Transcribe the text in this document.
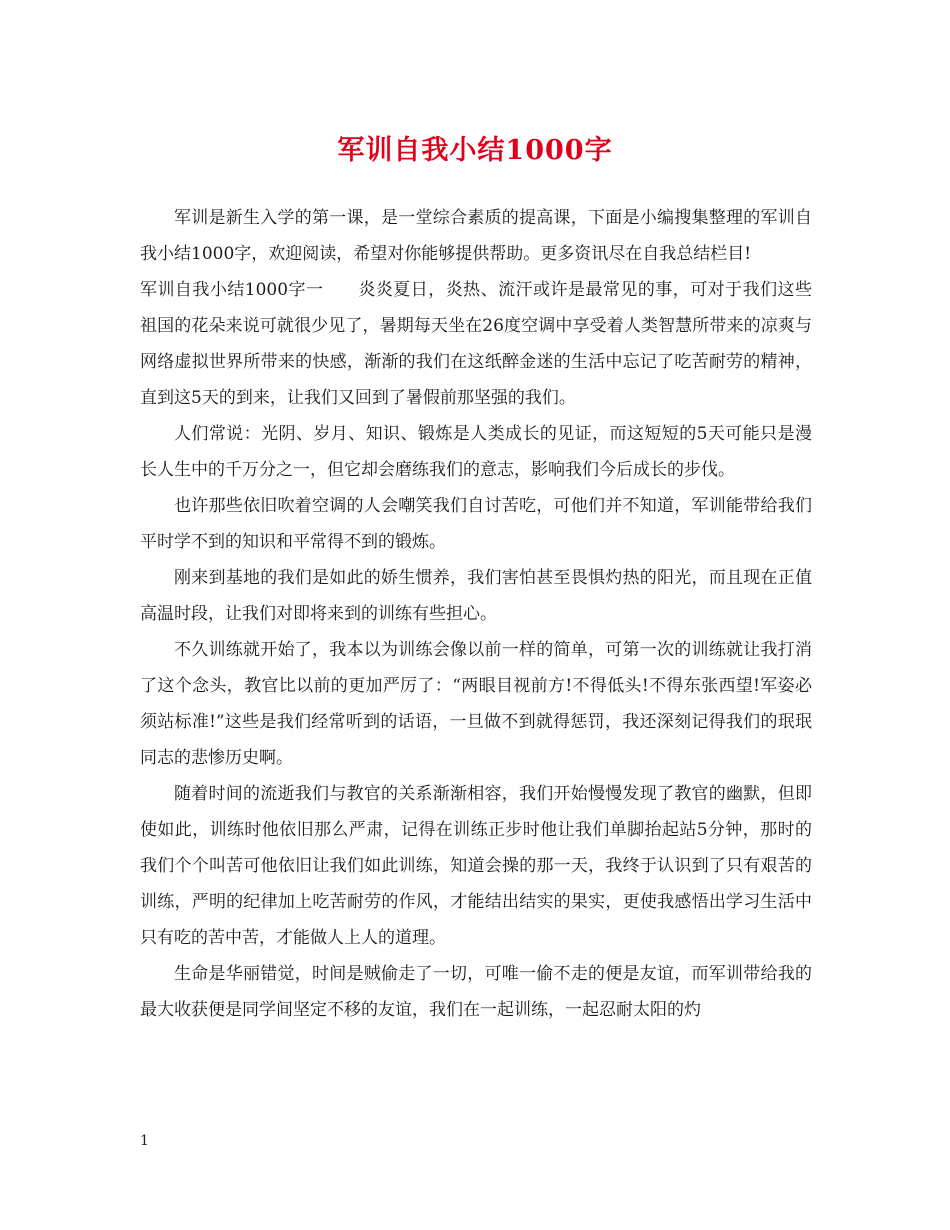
军训自我小结1000字

军训是新生入学的第一课，是一堂综合素质的提高课，下面是小编搜集整理的军训自我小结1000字，欢迎阅读，希望对你能够提供帮助。更多资讯尽在自我总结栏目!

军训自我小结1000字一　　炎炎夏日，炎热、流汗或许是最常见的事，可对于我们这些祖国的花朵来说可就很少见了，暑期每天坐在26度空调中享受着人类智慧所带来的凉爽与网络虚拟世界所带来的快感，渐渐的我们在这纸醉金迷的生活中忘记了吃苦耐劳的精神，直到这5天的到来，让我们又回到了暑假前那坚强的我们。

人们常说：光阴、岁月、知识、锻炼是人类成长的见证，而这短短的5天可能只是漫长人生中的千万分之一，但它却会磨练我们的意志，影响我们今后成长的步伐。

也许那些依旧吹着空调的人会嘲笑我们自讨苦吃，可他们并不知道，军训能带给我们平时学不到的知识和平常得不到的锻炼。

刚来到基地的我们是如此的娇生惯养，我们害怕甚至畏惧灼热的阳光，而且现在正值高温时段，让我们对即将来到的训练有些担心。

不久训练就开始了，我本以为训练会像以前一样的简单，可第一次的训练就让我打消了这个念头，教官比以前的更加严厉了：“两眼目视前方!不得低头!不得东张西望!军姿必须站标准!”这些是我们经常听到的话语，一旦做不到就得惩罚，我还深刻记得我们的珉珉同志的悲惨历史啊。

随着时间的流逝我们与教官的关系渐渐相容，我们开始慢慢发现了教官的幽默，但即使如此，训练时他依旧那么严肃，记得在训练正步时他让我们单脚抬起站5分钟，那时的我们个个叫苦可他依旧让我们如此训练，知道会操的那一天，我终于认识到了只有艰苦的训练，严明的纪律加上吃苦耐劳的作风，才能结出结实的果实，更使我感悟出学习生活中只有吃的苦中苦，才能做人上人的道理。

生命是华丽错觉，时间是贼偷走了一切，可唯一偷不走的便是友谊，而军训带给我的最大收获便是同学间坚定不移的友谊，我们在一起训练，一起忍耐太阳的灼

1
